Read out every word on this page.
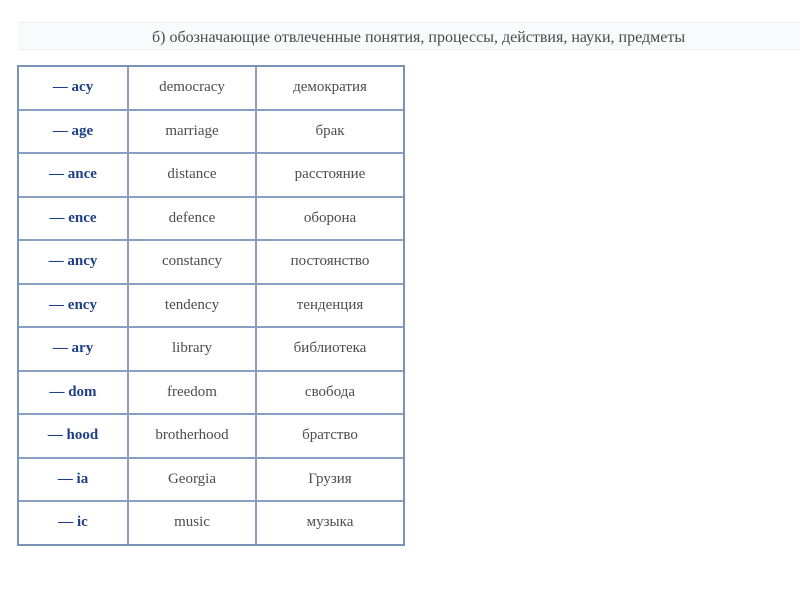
б) обозначающие отвлеченные понятия, процессы, действия, науки, предметы
— acy	democracy	демократия
— age	marriage	брак
— ance	distance	расстояние
— ence	defence	оборона
— ancy	constancy	постоянство
— ency	tendency	тенденция
— ary	library	библиотека
— dom	freedom	свобода
— hood	brotherhood	братство
— ia	Georgia	Грузия
— ic	music	музыка
